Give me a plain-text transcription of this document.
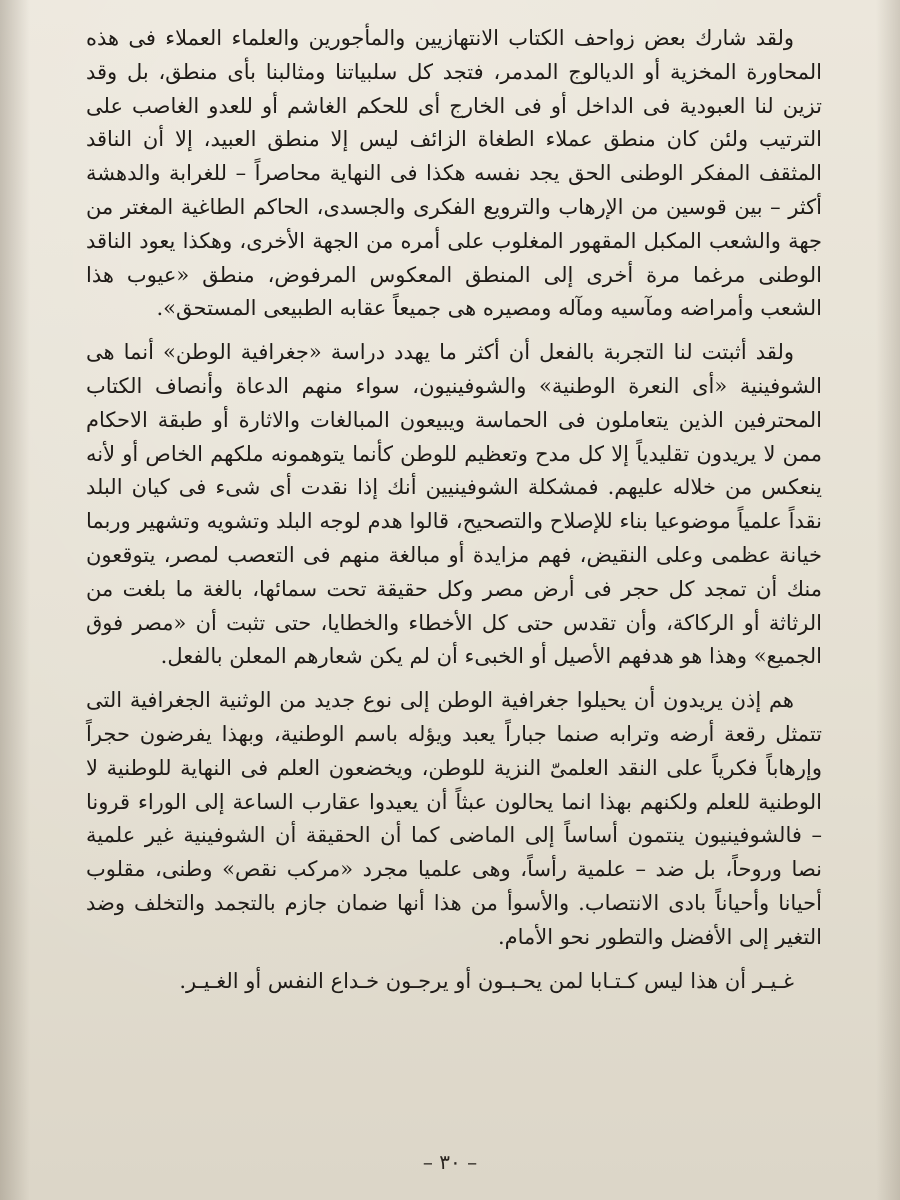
ولقد شارك بعض زواحف الكتاب الانتهازيين والمأجورين والعلماء العملاء فى هذه المحاورة المخزية أو الديالوج المدمر، فتجد كل سلبياتنا ومثالبنا بأى منطق، بل وقد تزين لنا العبودية فى الداخل أو فى الخارج أى للحكم الغاشم أو للعدو الغاصب على الترتيب ولئن كان منطق عملاء الطغاة الزائف ليس إلا منطق العبيد، إلا أن الناقد المثقف المفكر الوطنى الحق يجد نفسه هكذا فى النهاية محاصراً – للغرابة والدهشة أكثر – بين قوسين من الإرهاب والترويع الفكرى والجسدى، الحاكم الطاغية المغتر من جهة والشعب المكبل المقهور المغلوب على أمره من الجهة الأخرى، وهكذا يعود الناقد الوطنى مرغما مرة أخرى إلى المنطق المعكوس المرفوض، منطق «عيوب هذا الشعب وأمراضه ومآسيه ومآله ومصيره هى جميعاً عقابه الطبيعى المستحق».

ولقد أثبتت لنا التجربة بالفعل أن أكثر ما يهدد دراسة «جغرافية الوطن» أنما هى الشوفينية «أى النعرة الوطنية» والشوفينيون، سواء منهم الدعاة وأنصاف الكتاب المحترفين الذين يتعاملون فى الحماسة ويبيعون المبالغات والاثارة أو طبقة الاحكام ممن لا يريدون تقليدياً إلا كل مدح وتعظيم للوطن كأنما يتوهمونه ملكهم الخاص أو لأنه ينعكس من خلاله عليهم. فمشكلة الشوفينيين أنك إذا نقدت أى شىء فى كيان البلد نقداً علمياً موضوعيا بناء للإصلاح والتصحيح، قالوا هدم لوجه البلد وتشويه وتشهير وربما خيانة عظمى وعلى النقيض، فهم مزايدة أو مبالغة منهم فى التعصب لمصر، يتوقعون منك أن تمجد كل حجر فى أرض مصر وكل حقيقة تحت سمائها، بالغة ما بلغت من الرثاثة أو الركاكة، وأن تقدس حتى كل الأخطاء والخطايا، حتى تثبت أن «مصر فوق الجميع» وهذا هو هدفهم الأصيل أو الخبىء أن لم يكن شعارهم المعلن بالفعل.

هم إذن يريدون أن يحيلوا جغرافية الوطن إلى نوع جديد من الوثنية الجغرافية التى تتمثل رقعة أرضه وترابه صنما جباراً يعبد ويؤله باسم الوطنية، وبهذا يفرضون حجراً وإرهاباً فكرياً على النقد العلمىّ النزية للوطن، ويخضعون العلم فى النهاية للوطنية لا الوطنية للعلم ولكنهم بهذا انما يحالون عبثاً أن يعيدوا عقارب الساعة إلى الوراء قرونا – فالشوفينيون ينتمون أساساً إلى الماضى كما أن الحقيقة أن الشوفينية غير علمية نصا وروحاً، بل ضد – علمية رأساً، وهى علميا مجرد «مركب نقص» وطنى، مقلوب أحيانا وأحياناً بادى الانتصاب. والأسوأ من هذا أنها ضمان جازم بالتجمد والتخلف وضد التغير إلى الأفضل والتطور نحو الأمام.

غـيـر أن هذا ليس كـتـابا لمن يحـبـون أو يرجـون خـداع النفس أو الغـيـر.

– ٣٠ –
